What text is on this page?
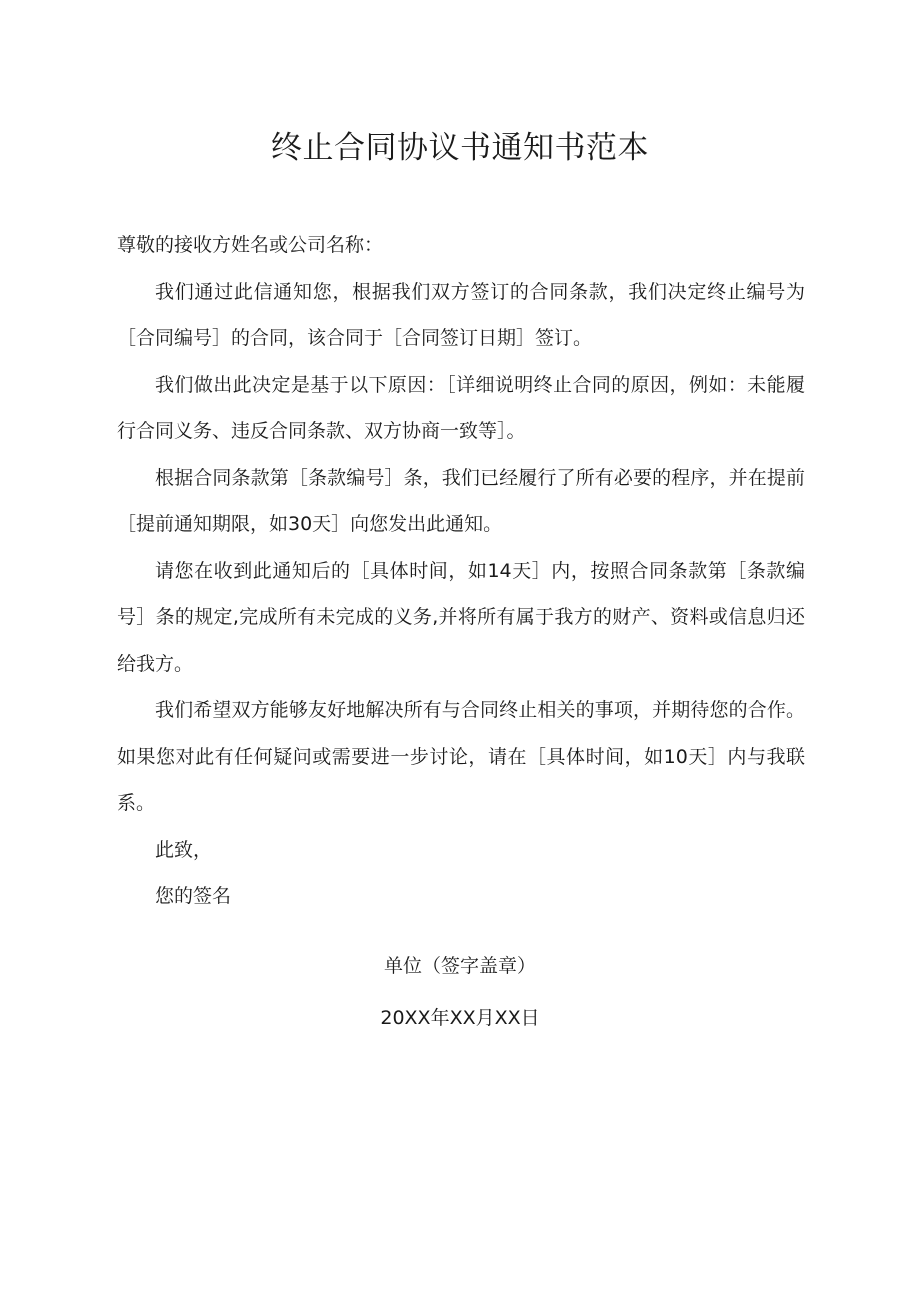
终止合同协议书通知书范本

尊敬的接收方姓名或公司名称：

我们通过此信通知您，根据我们双方签订的合同条款，我们决定终止编号为［合同编号］的合同，该合同于［合同签订日期］签订。

我们做出此决定是基于以下原因：［详细说明终止合同的原因，例如：未能履行合同义务、违反合同条款、双方协商一致等］。

根据合同条款第［条款编号］条，我们已经履行了所有必要的程序，并在提前［提前通知期限，如30天］向您发出此通知。

请您在收到此通知后的［具体时间，如14天］内，按照合同条款第［条款编号］条的规定,完成所有未完成的义务,并将所有属于我方的财产、资料或信息归还给我方。

我们希望双方能够友好地解决所有与合同终止相关的事项，并期待您的合作。如果您对此有任何疑问或需要进一步讨论，请在［具体时间，如10天］内与我联系。

此致，

您的签名

单位（签字盖章）

20XX年XX月XX日
